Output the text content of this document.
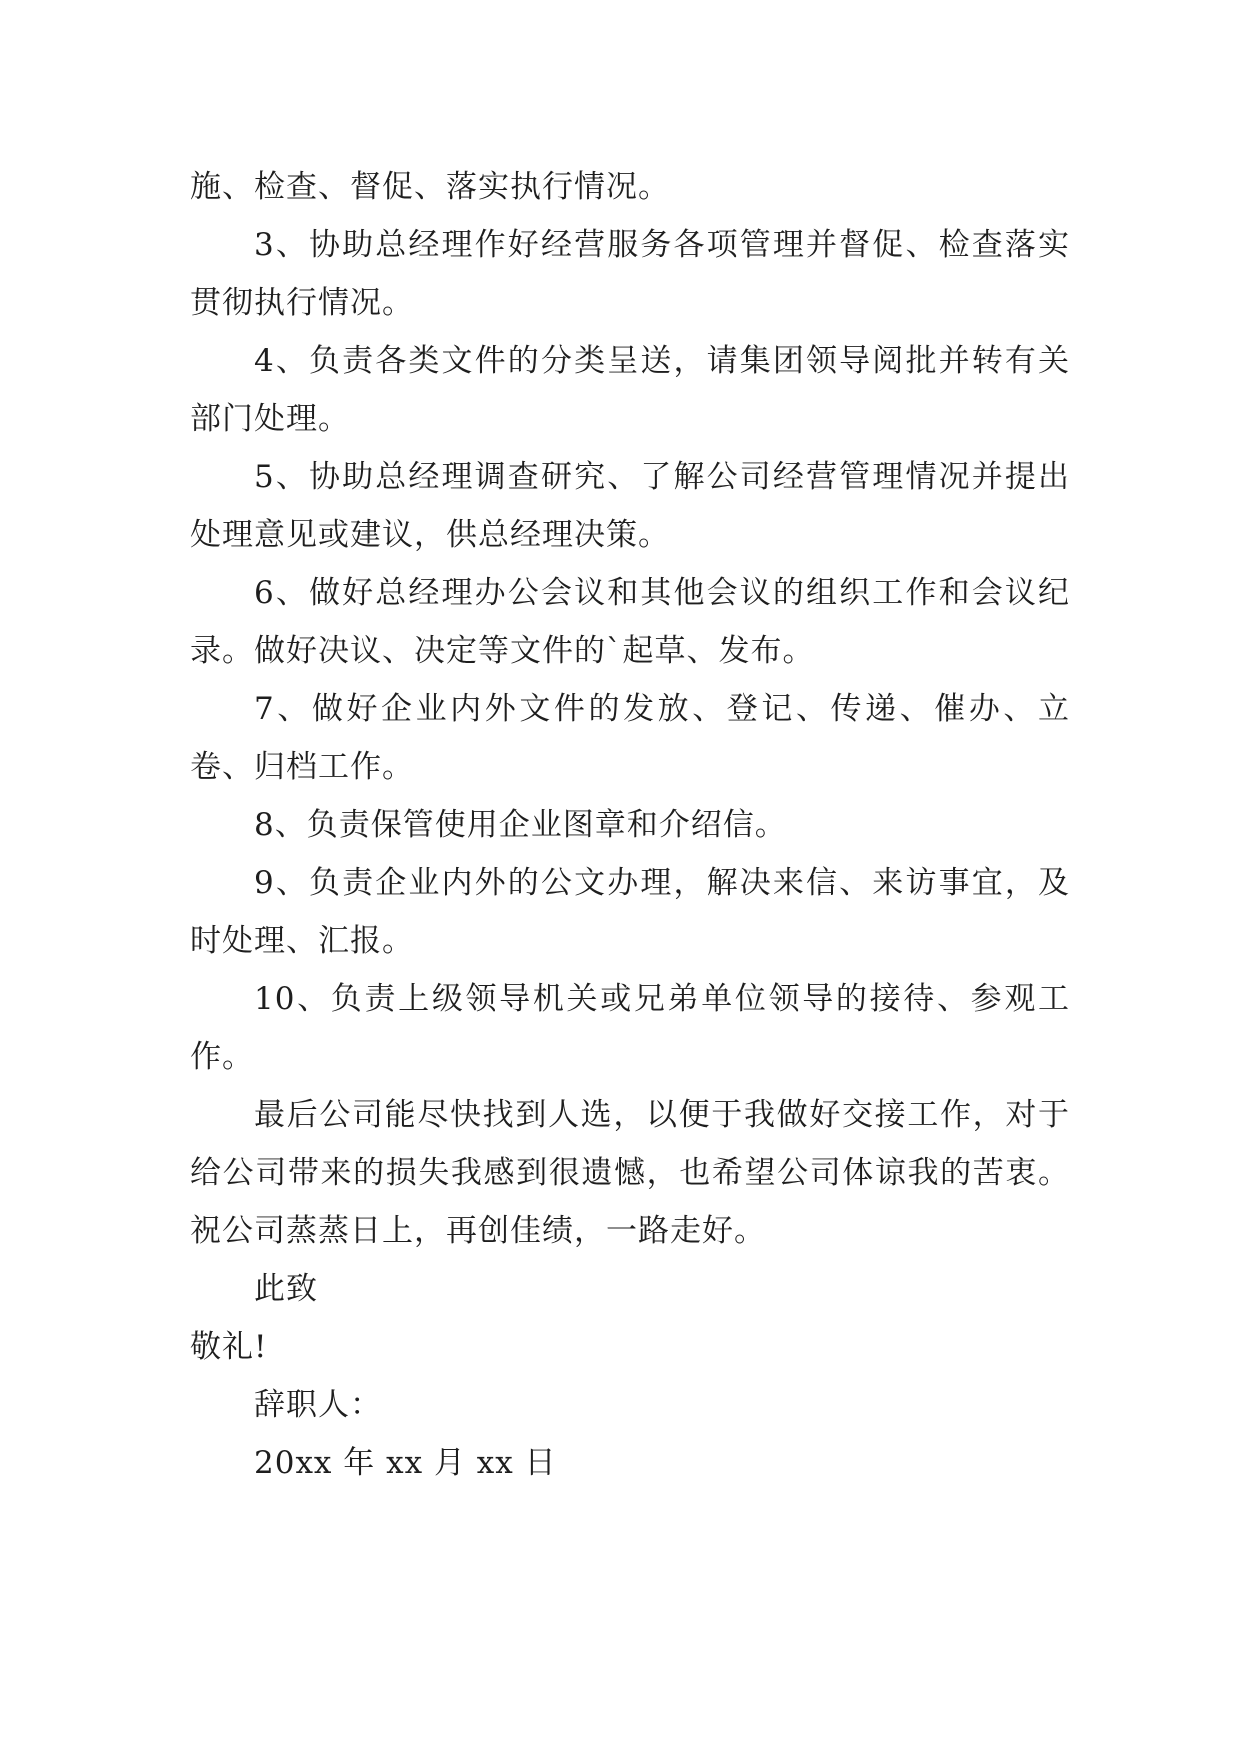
施、检查、督促、落实执行情况。

3、协助总经理作好经营服务各项管理并督促、检查落实贯彻执行情况。

4、负责各类文件的分类呈送，请集团领导阅批并转有关部门处理。

5、协助总经理调查研究、了解公司经营管理情况并提出处理意见或建议，供总经理决策。

6、做好总经理办公会议和其他会议的组织工作和会议纪录。做好决议、决定等文件的`起草、发布。

7、做好企业内外文件的发放、登记、传递、催办、立卷、归档工作。

8、负责保管使用企业图章和介绍信。

9、负责企业内外的公文办理，解决来信、来访事宜，及时处理、汇报。

10、负责上级领导机关或兄弟单位领导的接待、参观工作。

最后公司能尽快找到人选，以便于我做好交接工作，对于给公司带来的损失我感到很遗憾，也希望公司体谅我的苦衷。祝公司蒸蒸日上，再创佳绩，一路走好。

此致

敬礼!

辞职人：

20xx 年 xx 月 xx 日
